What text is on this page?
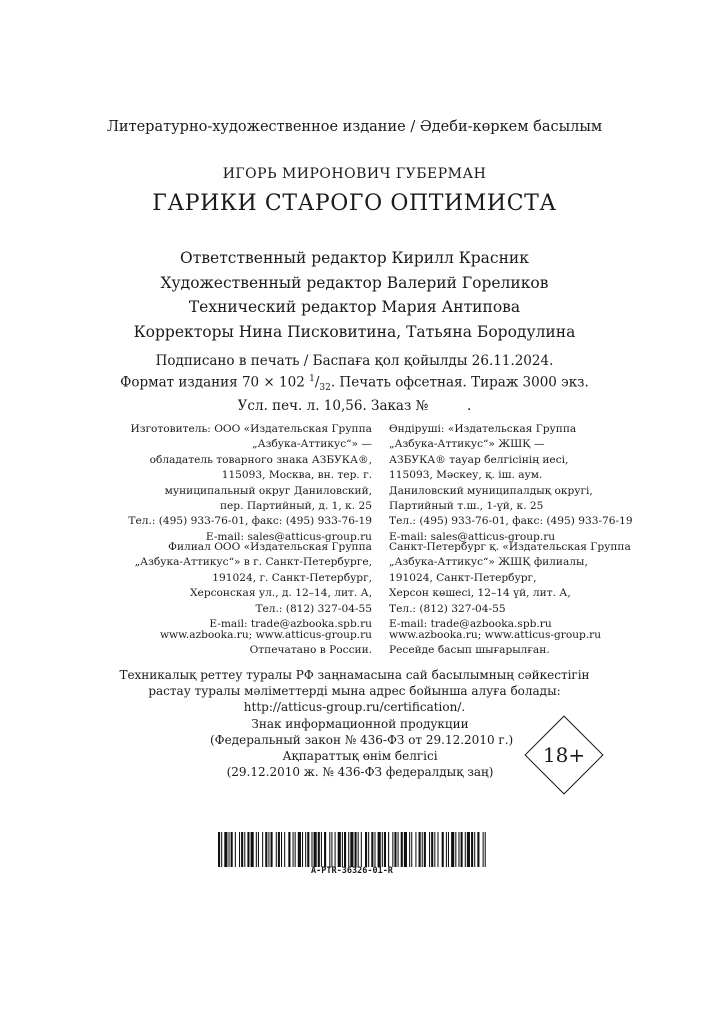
Литературно-художественное издание / Әдеби-көркем басылым
ИГОРЬ МИРОНОВИЧ ГУБЕРМАН
ГАРИКИ СТАРОГО ОПТИМИСТА
Ответственный редактор Кирилл Красник
Художественный редактор Валерий Гореликов
Технический редактор Мария Антипова
Корректоры Нина Писковитина, Татьяна Бородулина
Подписано в печать / Баспаға қол қойылды 26.11.2024.
Формат издания 70 × 102 $^1/_{32}$. Печать офсетная. Тираж 3000 экз.
Усл. печ. л. 10,56. Заказ №         .
Изготовитель: ООО «Издательская Группа
„Азбука-Аттикус“» —
обладатель товарного знака АЗБУКА®,
115093, Москва, вн. тер. г.
муниципальный округ Даниловский,
пер. Партийный, д. 1, к. 25
Тел.: (495) 933-76-01, факс: (495) 933-76-19
E-mail: sales@atticus-group.ru
Өндіруші: «Издательская Группа
„Азбука-Аттикус“» ЖШҚ —
АЗБУКА® тауар белгісінің иесі,
115093, Мәскеу, қ. іш. аум.
Даниловский муниципалдық округі,
Партийный т.ш., 1-үй, к. 25
Тел.: (495) 933-76-01, факс: (495) 933-76-19
E-mail: sales@atticus-group.ru
Филиал ООО «Издательская Группа
„Азбука-Аттикус“» в г. Санкт-Петербурге,
191024, г. Санкт-Петербург,
Херсонская ул., д. 12–14, лит. А,
Тел.: (812) 327-04-55
E-mail: trade@azbooka.spb.ru
Санкт-Петербург қ. «Издательская Группа
„Азбука-Аттикус“» ЖШҚ филиалы,
191024, Санкт-Петербург,
Херсон көшесі, 12–14 үй, лит. А,
Тел.: (812) 327-04-55
E-mail: trade@azbooka.spb.ru
www.azbooka.ru; www.atticus-group.ru
Отпечатано в России.
www.azbooka.ru; www.atticus-group.ru
Ресейде басып шығарылған.
Техникалық реттеу туралы РФ заңнамасына сай басылымның сәйкестігін
растау туралы мәліметтерді мына адрес бойынша алуға болады:
http://atticus-group.ru/certification/.
Знак информационной продукции
(Федеральный закон № 436-ФЗ от 29.12.2010 г.)
Ақпараттық өнім белгісі
(29.12.2010 ж. № 436-ФЗ федералдық заң)
18+
A-PTR-36326-01-R
